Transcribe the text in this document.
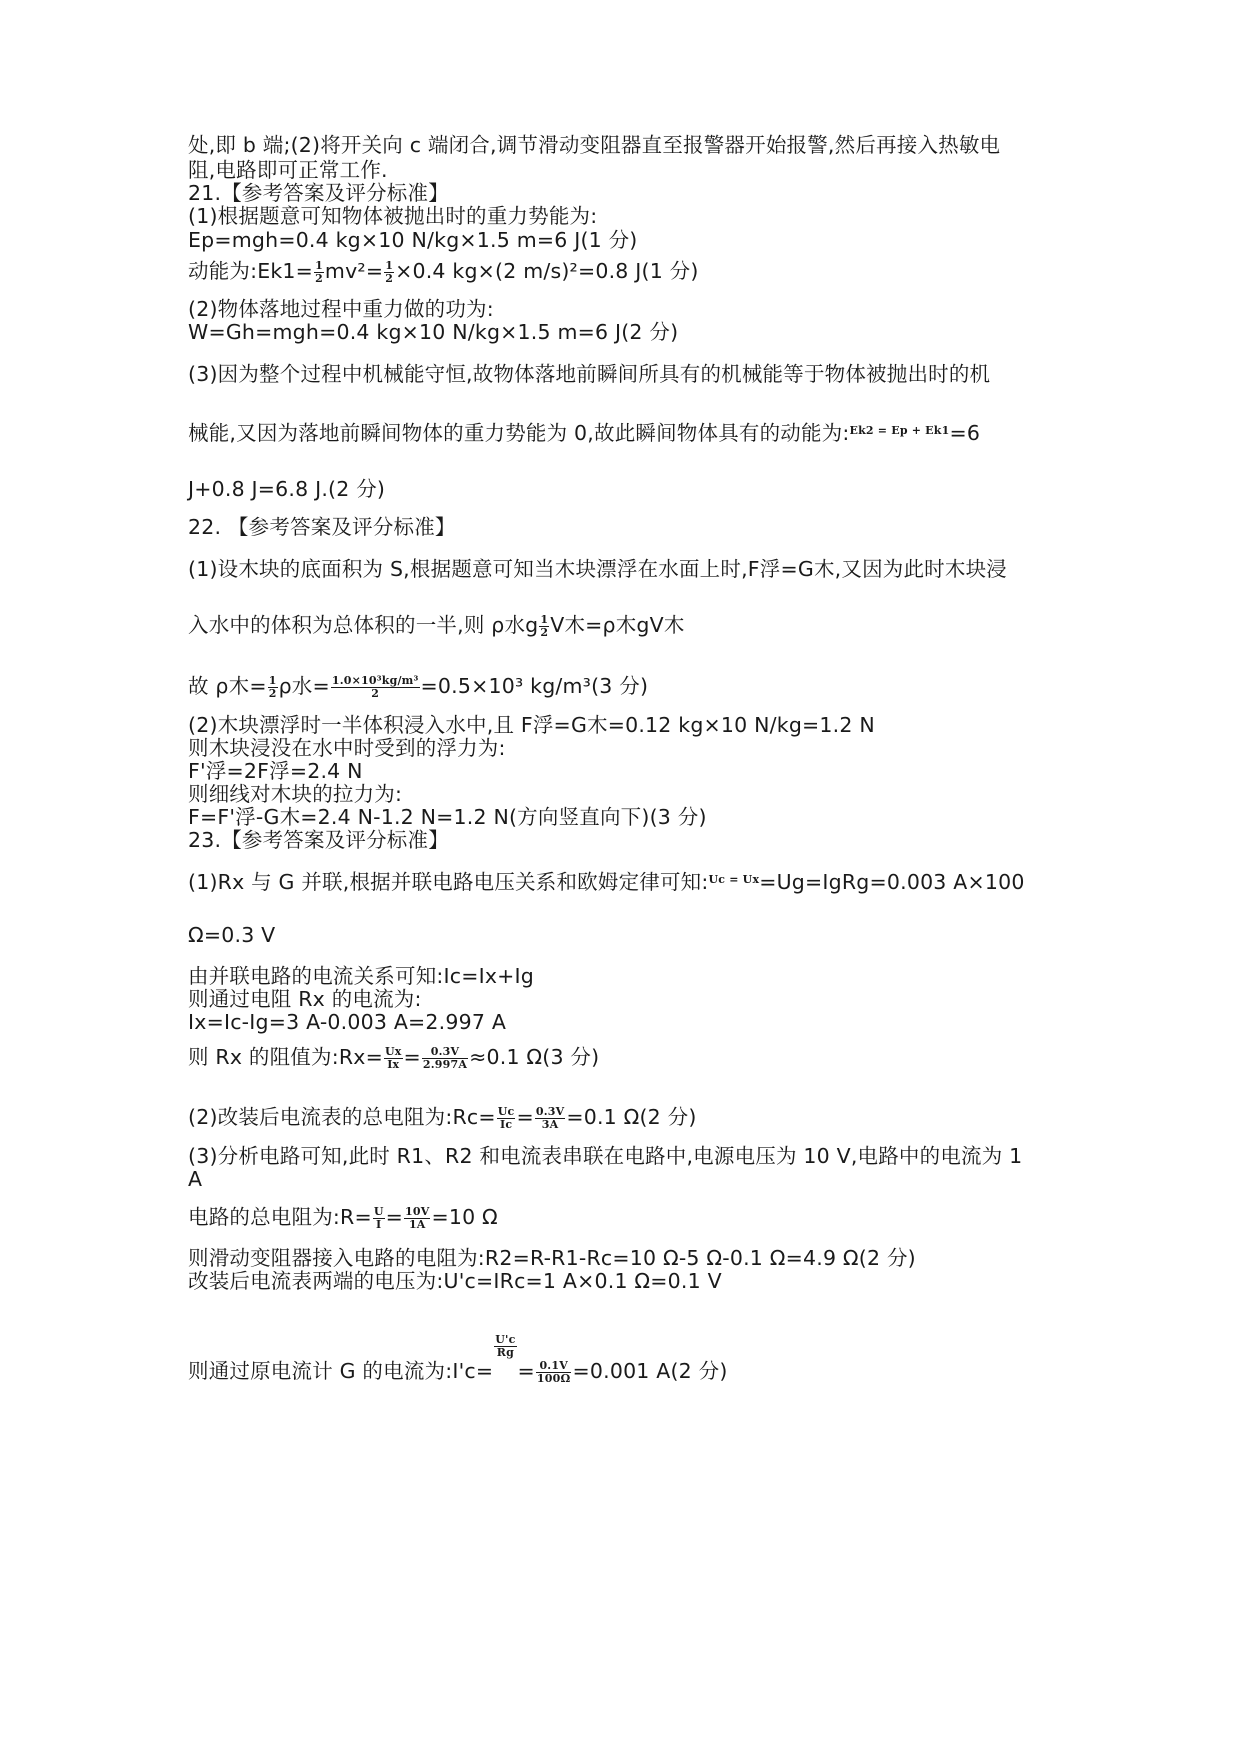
处,即 b 端;(2)将开关向 c 端闭合,调节滑动变阻器直至报警器开始报警,然后再接入热敏电
阻,电路即可正常工作.
21.【参考答案及评分标准】
(1)根据题意可知物体被抛出时的重力势能为:
Ep=mgh=0.4 kg×10 N/kg×1.5 m=6 J(1 分)
动能为:Ek1= $\frac{1}{2} mv^2= \frac{1}{2} \times 0.4$ kg×(2 m/s)²=0.8 J(1 分)
(2)物体落地过程中重力做的功为:
W=Gh=mgh=0.4 kg×10 N/kg×1.5 m=6 J(2 分)
(3)因为整个过程中机械能守恒,故物体落地前瞬间所具有的机械能等于物体被抛出时的机
械能,又因为落地前瞬间物体的重力势能为 0,故此瞬间物体具有的动能为:$^{Ek2 = Ep + Ek1}$=6
J+0.8 J=6.8 J.(2 分)
22. 【参考答案及评分标准】
(1)设木块的底面积为 S,根据题意可知当木块漂浮在水面上时,F浮=G木,又因为此时木块浸
入水中的体积为总体积的一半,则 ρ水g $\frac{1}{2}$ V木=ρ木gV木
故 ρ木= $\frac{1}{2}$ ρ水= $\frac{\text{1.0×10³kg/m³}}{2} =0.5\times 10^3$ kg/m³(3 分)
(2)木块漂浮时一半体积浸入水中,且 F浮=G木=0.12 kg×10 N/kg=1.2 N
则木块浸没在水中时受到的浮力为:
F'浮=2F浮=2.4 N
则细线对木块的拉力为:
F=F'浮-G木=2.4 N-1.2 N=1.2 N(方向竖直向下)(3 分)
23.【参考答案及评分标准】
(1)Rx 与 G 并联,根据并联电路电压关系和欧姆定律可知:$^{Uc = Ux}$=Ug=IgRg=0.003 A×100
Ω=0.3 V
由并联电路的电流关系可知:Ic=Ix+Ig
则通过电阻 Rx 的电流为:
Ix=Ic-Ig=3 A-0.003 A=2.997 A
则 Rx 的阻值为:Rx= $\frac{Ux}{Ix} = \frac{0.3V}{2.997A} \approx 0.1$ Ω(3 分)
(2)改装后电流表的总电阻为:Rc= $\frac{Uc}{Ic} = \frac{0.3V}{3A} =0.1$ Ω(2 分)
(3)分析电路可知,此时 R1、R2 和电流表串联在电路中,电源电压为 10 V,电路中的电流为 1
A
电路的总电阻为:R= $\frac{U}{I} = \frac{10V}{1A} =10$ Ω
则滑动变阻器接入电路的电阻为:R2=R-R1-Rc=10 Ω-5 Ω-0.1 Ω=4.9 Ω(2 分)
改装后电流表两端的电压为:U'c=IRc=1 A×0.1 Ω=0.1 V
则通过原电流计 G 的电流为:I'c=
$\frac{U'c}{Rg}$
= $\frac{0.1V}{100\Omega} =0.001$ A(2 分)
